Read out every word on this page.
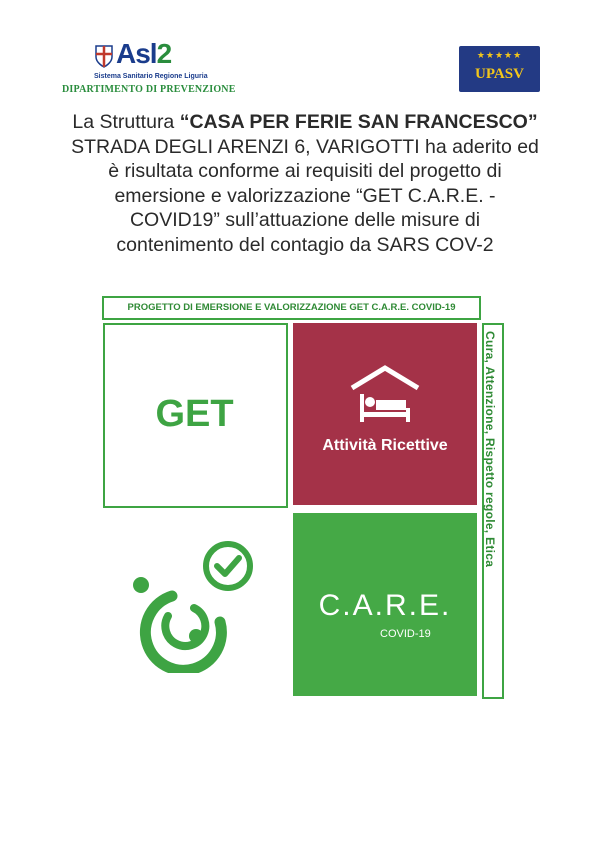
Asl2
Sistema Sanitario Regione Liguria
DIPARTIMENTO DI PREVENZIONE
★★★★★
UPASV
La Struttura “CASA PER FERIE SAN FRANCESCO”
STRADA DEGLI ARENZI 6, VARIGOTTI ha aderito ed
è risultata conforme ai requisiti del progetto di
emersione e valorizzazione “GET C.A.R.E. -
COVID19” sull’attuazione delle misure di
contenimento del contagio da SARS COV-2
PROGETTO DI EMERSIONE E VALORIZZAZIONE GET C.A.R.E. COVID-19
GET
Attività Ricettive
C.A.R.E.
COVID-19
Cura, Attenzione, Rispetto regole, Etica
